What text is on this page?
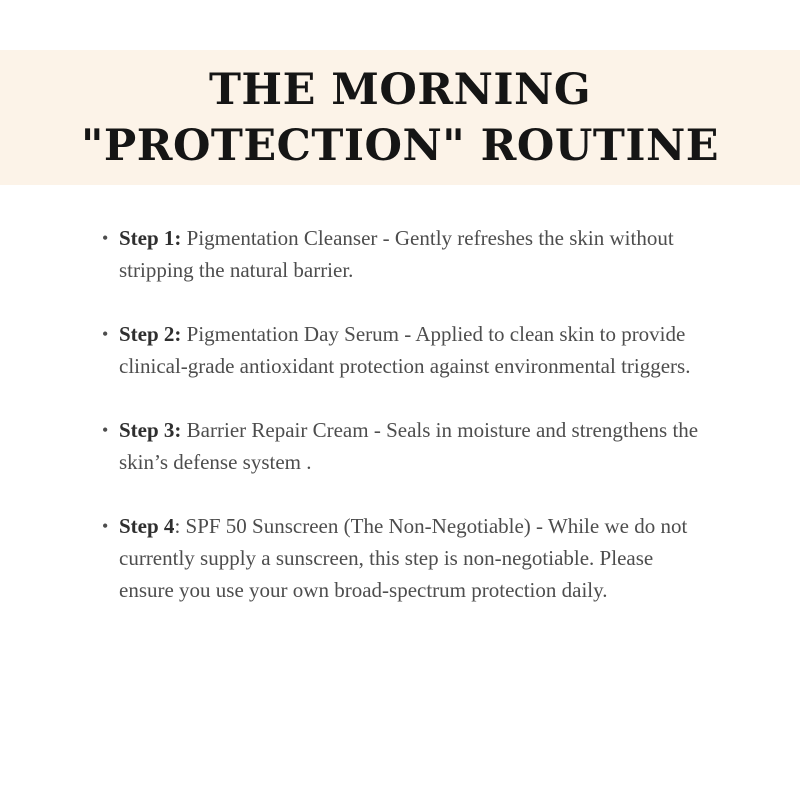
THE MORNING
"PROTECTION" ROUTINE
• Step 1: Pigmentation Cleanser - Gently refreshes the skin without stripping the natural barrier.
• Step 2: Pigmentation Day Serum - Applied to clean skin to provide clinical-grade antioxidant protection against environmental triggers.
• Step 3: Barrier Repair Cream - Seals in moisture and strengthens the skin’s defense system .
• Step 4: SPF 50 Sunscreen (The Non-Negotiable) - While we do not currently supply a sunscreen, this step is non-negotiable. Please ensure you use your own broad-spectrum protection daily.
